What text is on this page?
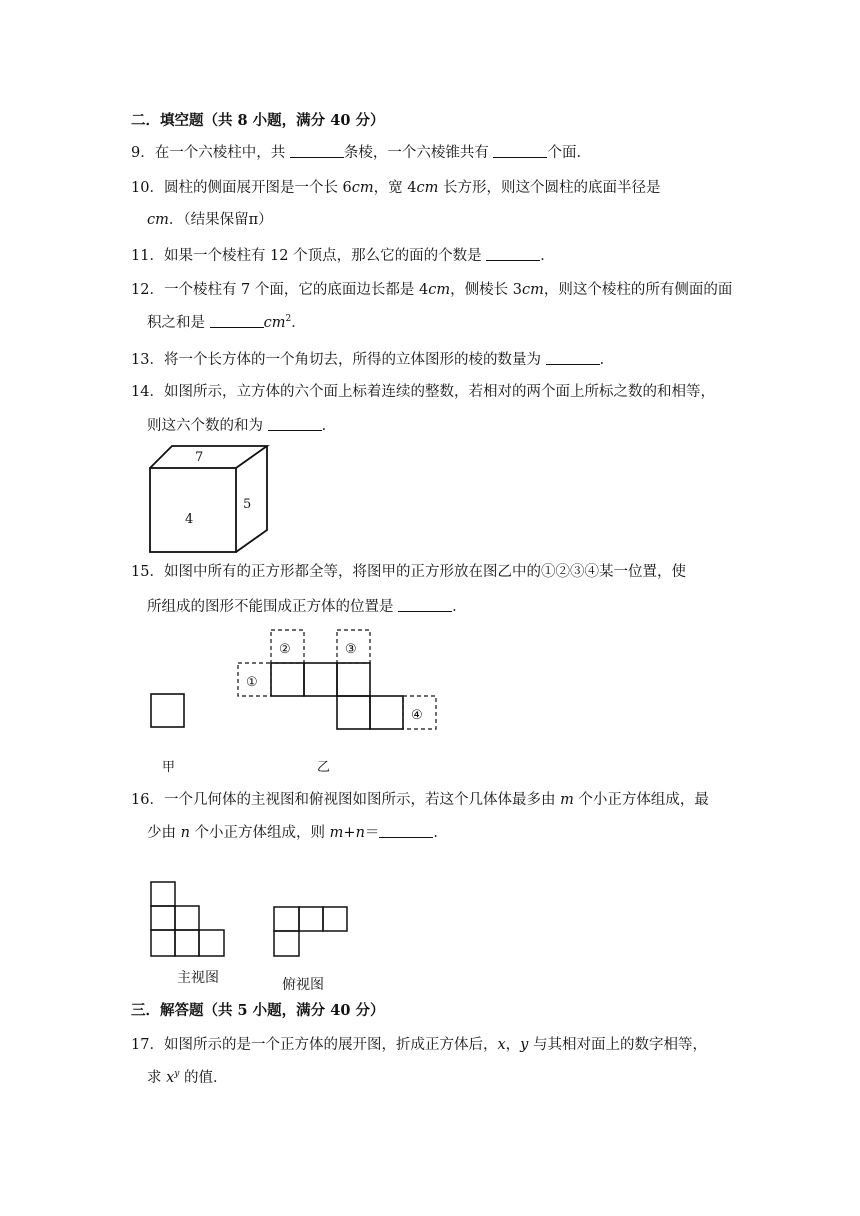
二．填空题（共 8 小题，满分 40 分）
9．在一个六棱柱中，共	条棱，一个六棱锥共有	个面．
10．圆柱的侧面展开图是一个长 6cm，宽 4cm 长方形，则这个圆柱的底面半径是
cm．（结果保留π）
11．如果一个棱柱有 12 个顶点，那么它的面的个数是	．
12．一个棱柱有 7 个面，它的底面边长都是 4cm，侧棱长 3cm，则这个棱柱的所有侧面的面
积之和是	$cm^2$．
13．将一个长方体的一个角切去，所得的立体图形的棱的数量为	．
14．如图所示，立方体的六个面上标着连续的整数，若相对的两个面上所标之数的和相等，
则这六个数的和为	．
7
4
5
15．如图中所有的正方形都全等，将图甲的正方形放在图乙中的①②③④某一位置，使
所组成的图形不能围成正方体的位置是	．
①
②	③
④
甲	乙
16．一个几何体的主视图和俯视图如图所示，若这个几体体最多由 m 个小正方体组成，最
少由 n 个小正方体组成，则 m+n＝	．
主视图	俯视图
三．解答题（共 5 小题，满分 40 分）
17．如图所示的是一个正方体的展开图，折成正方体后，x，y 与其相对面上的数字相等，
求 $x^y$ 的值．
